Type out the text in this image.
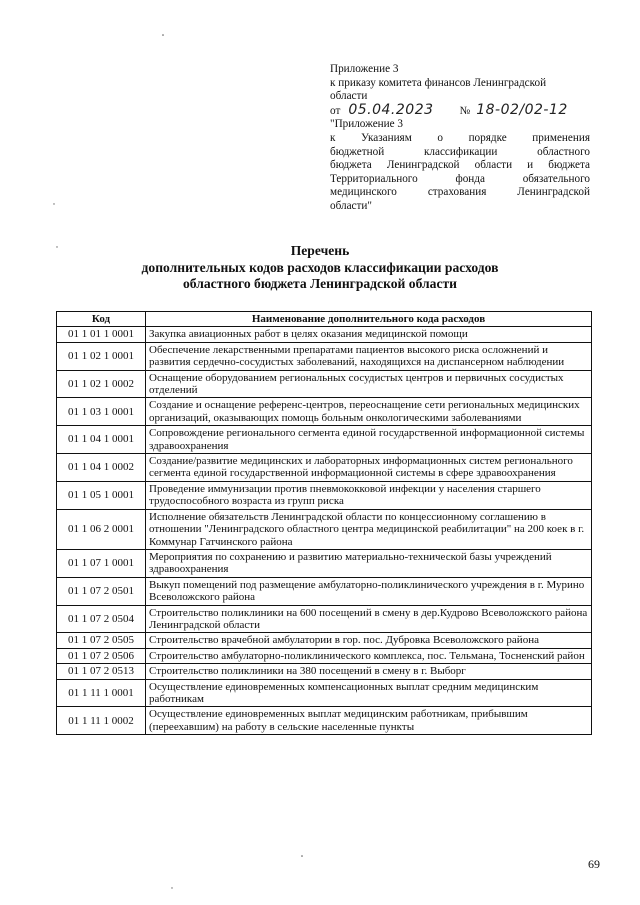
Приложение 3
к приказу комитета финансов Ленинградской
области
от 05.04.2023 № 18-02/02-12
"Приложение 3
к Указаниям о порядке применения
бюджетной классификации областного
бюджета Ленинградской области и бюджета
Территориального фонда обязательного
медицинского страхования Ленинградской
области"
Перечень
дополнительных кодов расходов классификации расходов
областного бюджета Ленинградской области
Код	Наименование дополнительного кода расходов
01 1 01 1 0001	Закупка авиационных работ в целях оказания медицинской помощи
01 1 02 1 0001	Обеспечение лекарственными препаратами пациентов высокого риска осложнений и развития сердечно-сосудистых заболеваний, находящихся на диспансерном наблюдении
01 1 02 1 0002	Оснащение оборудованием региональных сосудистых центров и первичных сосудистых отделений
01 1 03 1 0001	Создание и оснащение референс-центров, переоснащение сети региональных медицинских организаций, оказывающих помощь больным онкологическими заболеваниями
01 1 04 1 0001	Сопровождение регионального сегмента единой государственной информационной системы здравоохранения
01 1 04 1 0002	Создание/развитие медицинских и лабораторных информационных систем регионального сегмента единой государственной информационной системы в сфере здравоохранения
01 1 05 1 0001	Проведение иммунизации против пневмококковой инфекции у населения старшего трудоспособного возраста из групп риска
01 1 06 2 0001	Исполнение обязательств Ленинградской области по концессионному соглашению в отношении "Ленинградского областного центра медицинской реабилитации" на 200 коек в г. Коммунар Гатчинского района
01 1 07 1 0001	Мероприятия по сохранению и развитию материально-технической базы учреждений здравоохранения
01 1 07 2 0501	Выкуп помещений под размещение амбулаторно-поликлинического учреждения в г. Мурино Всеволожского района
01 1 07 2 0504	Строительство поликлиники на 600 посещений в смену в дер.Кудрово Всеволожского района Ленинградской области
01 1 07 2 0505	Строительство врачебной амбулатории в гор. пос. Дубровка Всеволожского района
01 1 07 2 0506	Строительство амбулаторно-поликлинического комплекса, пос. Тельмана, Тосненский район
01 1 07 2 0513	Строительство поликлиники на 380 посещений в смену в г. Выборг
01 1 11 1 0001	Осуществление единовременных компенсационных выплат средним медицинским работникам
01 1 11 1 0002	Осуществление единовременных выплат медицинским работникам, прибывшим (переехавшим) на работу в сельские населенные пункты
69
